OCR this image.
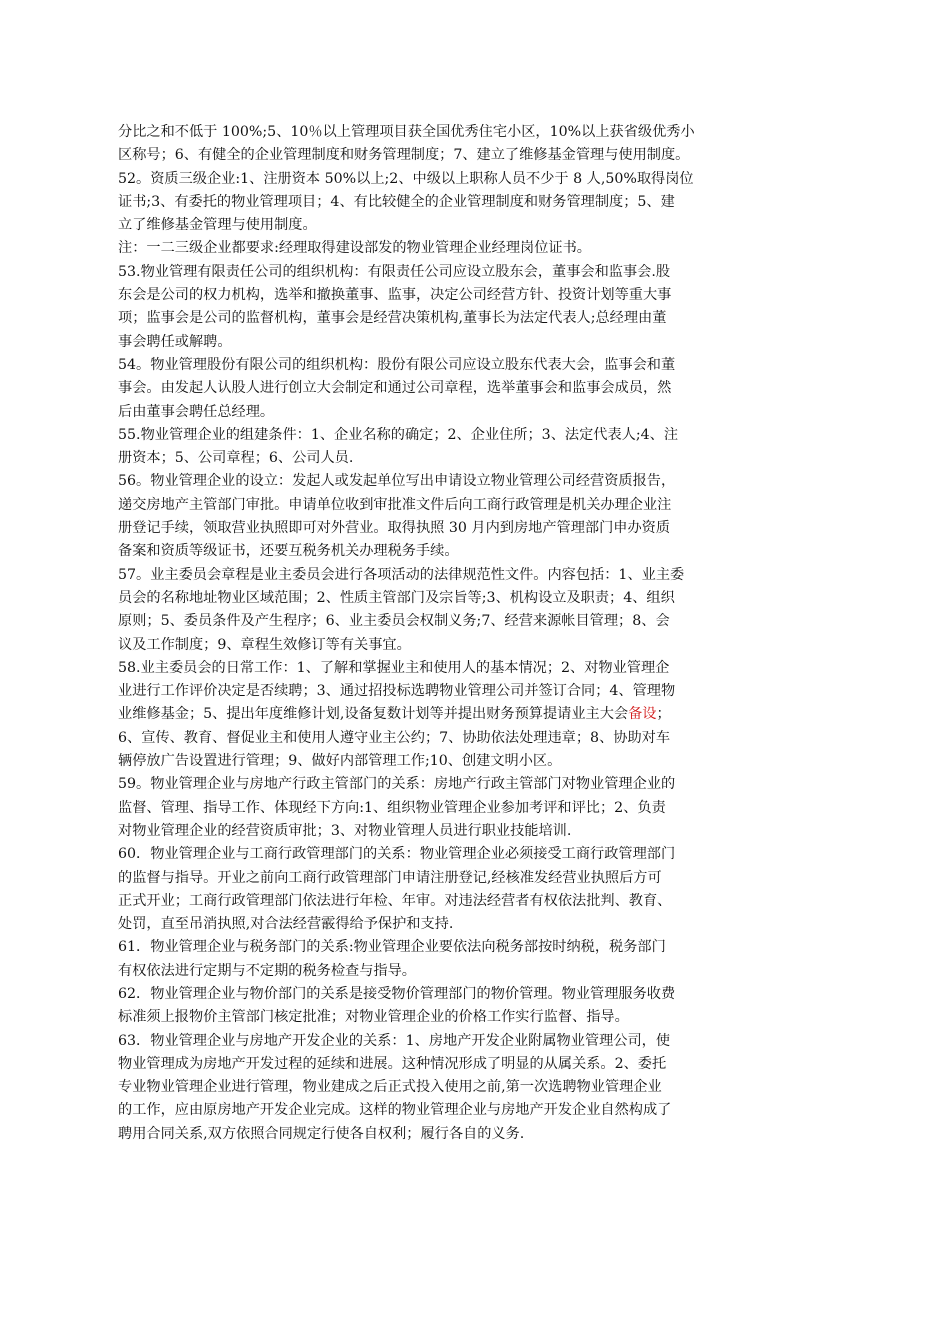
分比之和不低于 100%;5、10％以上管理项目获全国优秀住宅小区，10%以上获省级优秀小
区称号；6、有健全的企业管理制度和财务管理制度；7、建立了维修基金管理与使用制度。
52。资质三级企业:1、注册资本 50%以上;2、中级以上职称人员不少于 8 人,50%取得岗位
证书;3、有委托的物业管理项目；4、有比较健全的企业管理制度和财务管理制度；5、建
立了维修基金管理与使用制度。
注：一二三级企业都要求:经理取得建设部发的物业管理企业经理岗位证书。
53.物业管理有限责任公司的组织机构：有限责任公司应设立股东会，董事会和监事会.股
东会是公司的权力机构，选举和撤换董事、监事，决定公司经营方针、投资计划等重大事
项；监事会是公司的监督机构，董事会是经营决策机构,董事长为法定代表人;总经理由董
事会聘任或解聘。
54。物业管理股份有限公司的组织机构：股份有限公司应设立股东代表大会，监事会和董
事会。由发起人认股人进行创立大会制定和通过公司章程，选举董事会和监事会成员，然
后由董事会聘任总经理。
55.物业管理企业的组建条件：1、企业名称的确定；2、企业住所；3、法定代表人;4、注
册资本；5、公司章程；6、公司人员.
56。物业管理企业的设立：发起人或发起单位写出申请设立物业管理公司经营资质报告，
递交房地产主管部门审批。申请单位收到审批准文件后向工商行政管理是机关办理企业注
册登记手续，领取营业执照即可对外营业。取得执照 30 月内到房地产管理部门申办资质
备案和资质等级证书，还要互税务机关办理税务手续。
57。业主委员会章程是业主委员会进行各项活动的法律规范性文件。内容包括：1、业主委
员会的名称地址物业区域范围；2、性质主管部门及宗旨等;3、机构设立及职责；4、组织
原则；5、委员条件及产生程序；6、业主委员会权制义务;7、经营来源帐目管理；8、会
议及工作制度；9、章程生效修订等有关事宜。
58.业主委员会的日常工作：1、了解和掌握业主和使用人的基本情况；2、对物业管理企
业进行工作评价决定是否续聘；3、通过招投标选聘物业管理公司并签订合同；4、管理物
业维修基金；5、提出年度维修计划,设备复数计划等并提出财务预算提请业主大会备设；
6、宣传、教育、督促业主和使用人遵守业主公约；7、协助依法处理违章；8、协助对车
辆停放广告设置进行管理；9、做好内部管理工作;10、创建文明小区。
59。物业管理企业与房地产行政主管部门的关系：房地产行政主管部门对物业管理企业的
监督、管理、指导工作、体现经下方向:1、组织物业管理企业参加考评和评比；2、负责
对物业管理企业的经营资质审批；3、对物业管理人员进行职业技能培训.
60．物业管理企业与工商行政管理部门的关系：物业管理企业必须接受工商行政管理部门
的监督与指导。开业之前向工商行政管理部门申请注册登记,经核准发经营业执照后方可
正式开业；工商行政管理部门依法进行年检、年审。对违法经营者有权依法批判、教育、
处罚，直至吊消执照,对合法经营霰得给予保护和支持.
61．物业管理企业与税务部门的关系:物业管理企业要依法向税务部按时纳税，税务部门
有权依法进行定期与不定期的税务检查与指导。
62．物业管理企业与物价部门的关系是接受物价管理部门的物价管理。物业管理服务收费
标准须上报物价主管部门核定批准；对物业管理企业的价格工作实行监督、指导。
63．物业管理企业与房地产开发企业的关系：1、房地产开发企业附属物业管理公司，使
物业管理成为房地产开发过程的延续和进展。这种情况形成了明显的从属关系。2、委托
专业物业管理企业进行管理，物业建成之后正式投入使用之前,第一次选聘物业管理企业
的工作，应由原房地产开发企业完成。这样的物业管理企业与房地产开发企业自然构成了
聘用合同关系,双方依照合同规定行使各自权利；履行各自的义务.
